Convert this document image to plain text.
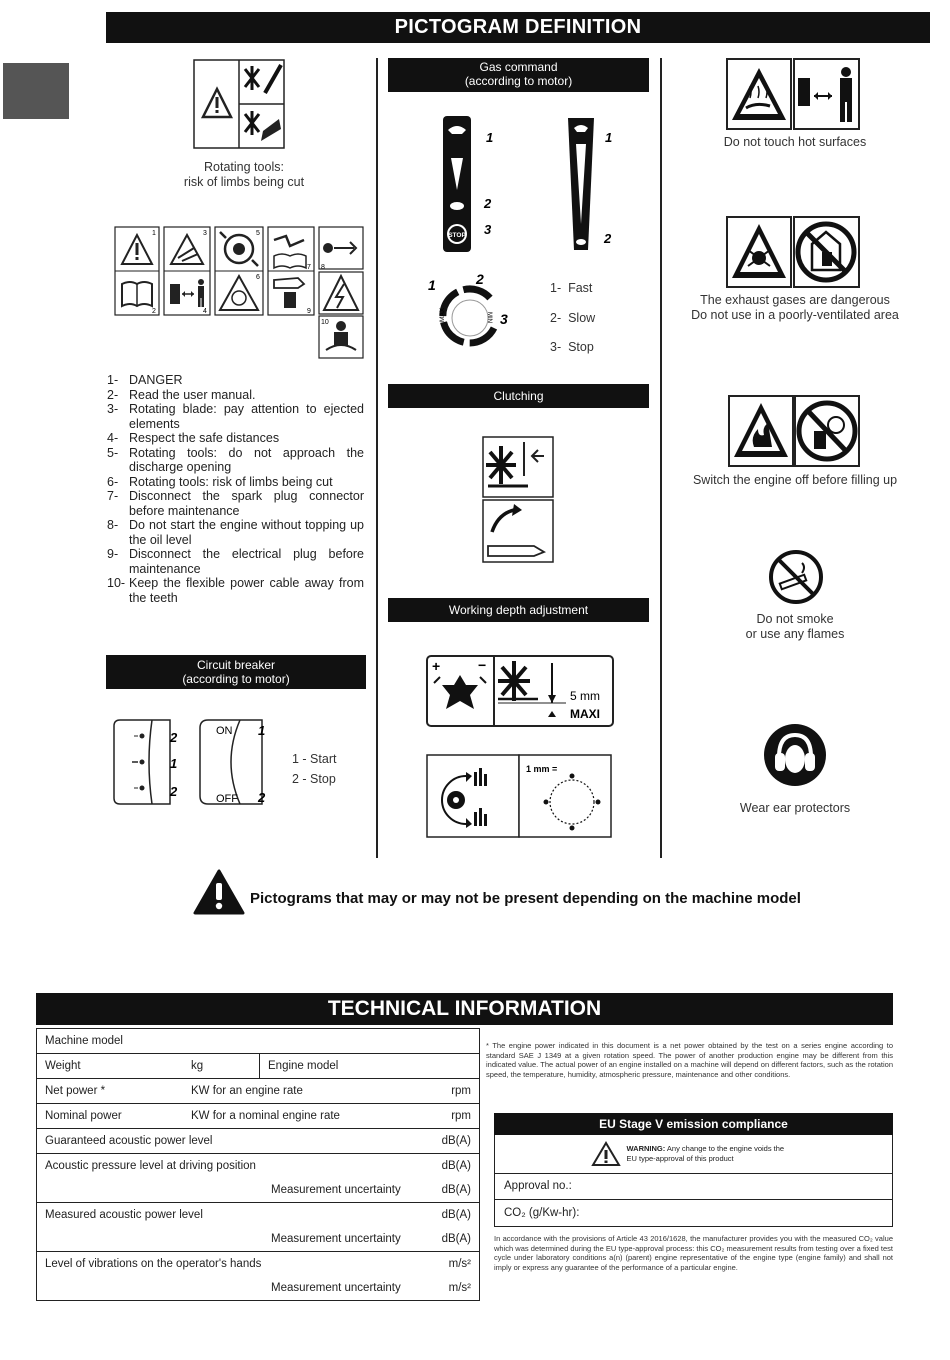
PICTOGRAM DEFINITION
Rotating tools:
risk of limbs being cut
1
2
3
4
5
6
7 8
9
10
1- DANGER
2- Read the user manual.
3- Rotating blade: pay attention to ejected elements
4- Respect the safe distances
5- Rotating tools: do not approach the discharge opening
6- Rotating tools: risk of limbs being cut
7- Disconnect the spark plug connector before maintenance
8- Do not start the engine without topping up the oil level
9- Disconnect the electrical plug before maintenance
10- Keep the flexible power cable away from the teeth
Circuit breaker
(according to motor)
ON
OFF
2
1
2
1
2
1 - Start
2 - Stop
Gas command
(according to motor)
STOP
1
2
3
1
2
1	2
3
MAX	MIN
1- Fast
2- Slow
3- Stop
Clutching
Working depth adjustment
+	−
5 mm
MAXI
1 mm =
Do not touch hot surfaces
The exhaust gases are dangerous
Do not use in a poorly-ventilated area
Switch the engine off before filling up
Do not smoke
or use any flames
Wear ear protectors
Pictograms that may or may not be present depending on the machine model
TECHNICAL INFORMATION
Machine model			
Weight	kg	Engine model	
Net power *	KW for an engine rate		rpm
Nominal power	KW for a nominal engine rate		rpm
Guaranteed acoustic power level			dB(A)
Acoustic pressure level at driving position			dB(A)
Measurement uncertainty			dB(A)
Measured acoustic power level			dB(A)
Measurement uncertainty			dB(A)
Level of vibrations on the operator's hands			m/s²
Measurement uncertainty			m/s²
* The engine power indicated in this document is a net power obtained by the test on a series engine according to standard SAE J 1349 at a given rotation speed. The power of another production engine may be different from this indicated value. The actual power of an engine installed on a machine will depend on different factors, such as the rotation speed, the temperature, humidity, atmospheric pressure, maintenance and other conditions.
EU Stage V emission compliance
WARNING: Any change to the engine voids the EU type-approval of this product
Approval no.:
CO₂ (g/Kw-hr):
In accordance with the provisions of Article 43 2016/1628, the manufacturer provides you with the measured CO₂ value which was determined during the EU type-approval process: this CO₂ measurement results from testing over a fixed test cycle under laboratory conditions a(n) (parent) engine representative of the engine type (engine family) and shall not imply or express any guarantee of the performance of a particular engine.
